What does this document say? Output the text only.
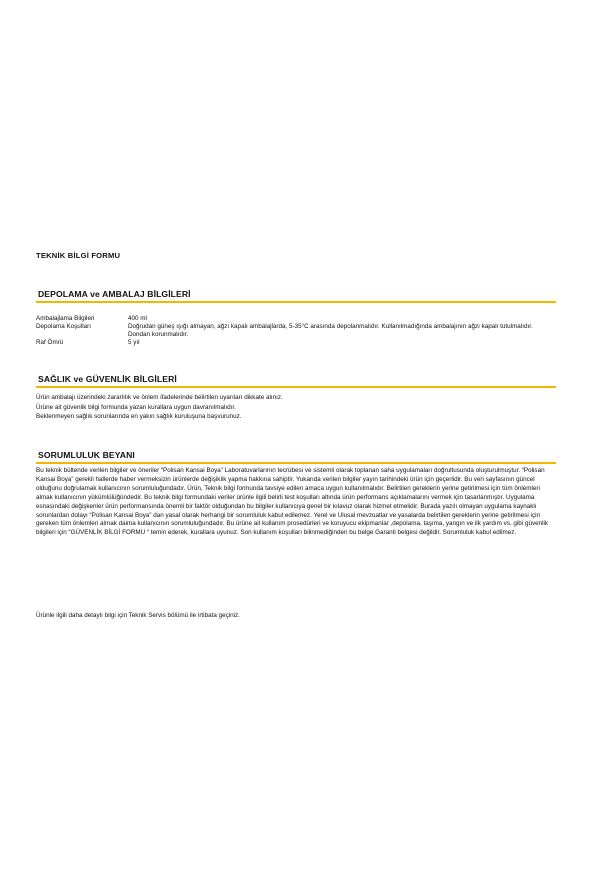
TEKNİK BİLGİ FORMU
DEPOLAMA ve AMBALAJ BİLGİLERİ
Ambalajlama Bilgileri	400 ml
Depolama Koşulları	Doğrudan güneş ışığı almayan, ağzı kapalı ambalajlarda, 5-35°C arasında depolanmalıdır. Kullanılmadığında ambalajının ağzı kapalı tutulmalıdır. Dondan korunmalıdır.
Raf Ömrü	5 yıl
SAĞLIK ve GÜVENLİK BİLGİLERİ

Ürün ambalajı üzerindeki zararlılık ve önlem ifadelerinde belirtilen uyarıları dikkate alınız.

Ürüne ait güvenlik bilgi formunda yazan kurallara uygun davranılmalıdır.

Beklenmeyen sağlık sorunlarında en yakın sağlık kuruluşuna başvurunuz.

SORUMLULUK BEYANI

Bu teknik bültende verilen bilgiler ve öneriler “Polisan Kansai Boya” Laboratuvarlarının tecrübesi ve sistemli olarak toplanan saha uygulamaları doğrultusunda oluşturulmuştur. “Polisan Kansai Boya” gerekli hallerde haber vermeksizin ürünlerde değişiklik yapma hakkına sahiptir. Yukarıda verilen bilgiler yayın tarihindeki ürün için geçerlidir. Bu veri sayfasının güncel olduğunu doğrulamak kullanıcının sorumluluğundadır. Ürün, Teknik bilgi formunda tavsiye edilen amaca uygun kullanılmalıdır. Belirtilen gereklerin yerine getirilmesi için tüm önlemleri almak kullanıcının yükümlülüğündedir. Bu teknik bilgi formundaki veriler ürünle ilgili belirli test koşulları altında ürün performans açıklamalarını vermek için tasarlanmıştır. Uygulama esnasındaki değişkenler ürün performansında önemli bir faktör olduğundan bu bilgiler kullanıcıya genel bir kılavuz olarak hizmet etmelidir. Burada yazılı olmayan uygulama kaynaklı sorunlardan dolayı “Polisan Kansai Boya” dan yasal olarak herhangi bir sorumluluk kabul edilemez. Yerel ve Ulusal mevzuatlar ve yasalarda belirtilen gereklerin yerine getirilmesi için gereken tüm önlemleri almak daima kullanıcının sorumluluğundadır. Bu ürüne ait kullanım prosedürleri ve koruyucu ekipmanlar ,depolama, taşıma, yangın ve ilk yardım vs. gibi güvenlik bilgileri için “GÜVENLİK BİLGİ FORMU “ temin ederek, kurallara uyunuz. Son kullanım koşulları bilinmediğinden bu belge Garanti belgesi değildir. Sorumluluk kabul edilmez.

Ürünle ilgili daha detaylı bilgi için Teknik Servis bölümü ile irtibata geçiniz.
